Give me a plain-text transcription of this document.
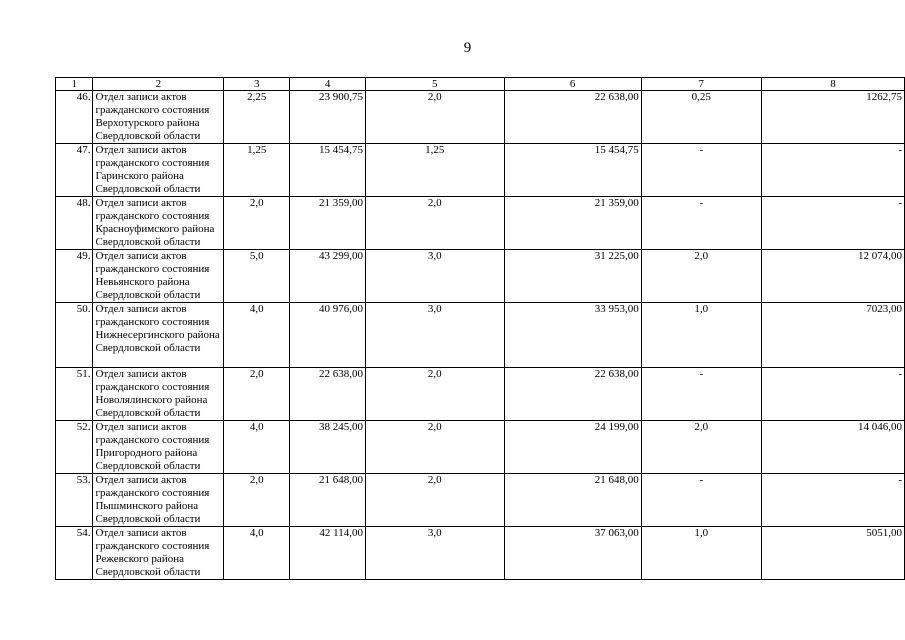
9
1	2	3	4	5	6	7	8
46.	Отдел записи актов гражданского состояния Верхотурского района Свердловской области	2,25	23 900,75	2,0	22 638,00	0,25	1262,75
47.	Отдел записи актов гражданского состояния Гаринского района Свердловской области	1,25	15 454,75	1,25	15 454,75	-	-
48.	Отдел записи актов гражданского состояния Красноуфимского района Свердловской области	2,0	21 359,00	2,0	21 359,00	-	-
49.	Отдел записи актов гражданского состояния Невьянского района Свердловской области	5,0	43 299,00	3,0	31 225,00	2,0	12 074,00
50.	Отдел записи актов гражданского состояния Нижнесергинского района Свердловской области	4,0	40 976,00	3,0	33 953,00	1,0	7023,00
51.	Отдел записи актов гражданского состояния Новолялинского района Свердловской области	2,0	22 638,00	2,0	22 638,00	-	-
52.	Отдел записи актов гражданского состояния Пригородного района Свердловской области	4,0	38 245,00	2,0	24 199,00	2,0	14 046,00
53.	Отдел записи актов гражданского состояния Пышминского района Свердловской области	2,0	21 648,00	2,0	21 648,00	-	-
54.	Отдел записи актов гражданского состояния Режевского района Свердловской области	4,0	42 114,00	3,0	37 063,00	1,0	5051,00
